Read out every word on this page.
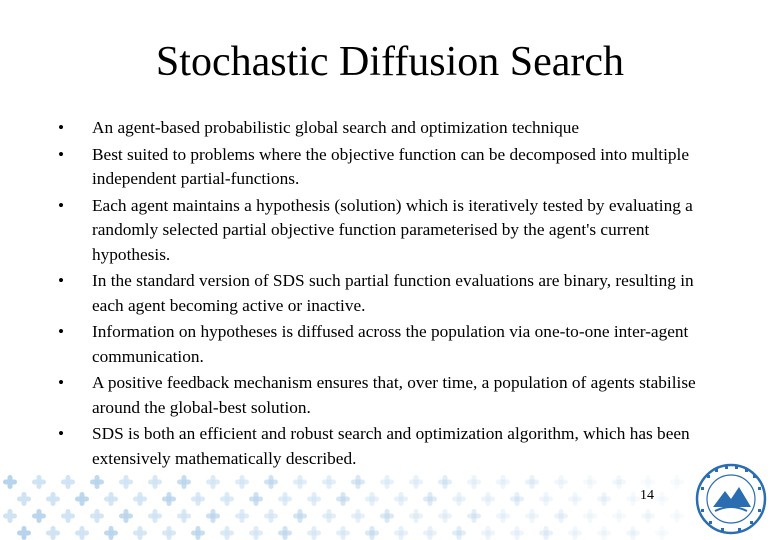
Stochastic Diffusion Search
• An agent-based probabilistic global search and optimization technique
• Best suited to problems where the objective function can be decomposed into multiple independent partial-functions.
• Each agent maintains a hypothesis (solution) which is iteratively tested by evaluating a randomly selected partial objective function parameterised by the agent's current hypothesis.
• In the standard version of SDS such partial function evaluations are binary, resulting in each agent becoming active or inactive.
• Information on hypotheses is diffused across the population via one-to-one inter-agent communication.
• A positive feedback mechanism ensures that, over time, a population of agents stabilise around the global-best solution.
• SDS is both an efficient and robust search and optimization algorithm, which has been extensively mathematically described.
14
